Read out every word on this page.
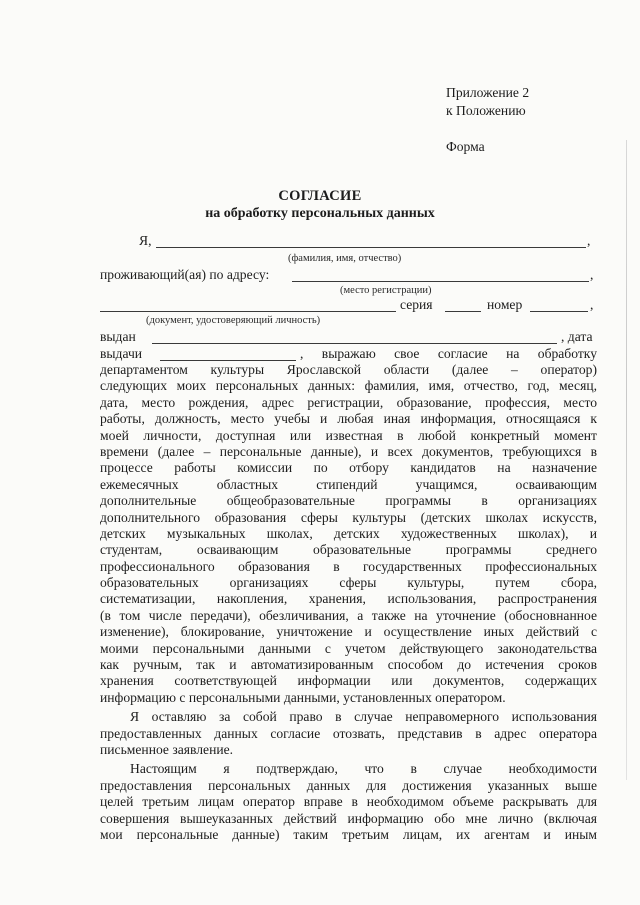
Приложение 2
к Положению
Форма
СОГЛАСИЕ
на обработку персональных данных
Я,	,
(фамилия, имя, отчество)
проживающий(ая) по адресу:	,
(место регистрации)
серия	номер	,
(документ, удостоверяющий личность)
выдан	, дата
выдачи	, выражаю свое согласие на обработку
департаментом культуры Ярославской области (далее – оператор)
следующих моих персональных данных: фамилия, имя, отчество, год, месяц,
дата, место рождения, адрес регистрации, образование, профессия, место
работы, должность, место учебы и любая иная информация, относящаяся к
моей личности, доступная или известная в любой конкретный момент
времени (далее – персональные данные), и всех документов, требующихся в
процессе работы комиссии по отбору кандидатов на назначение
ежемесячных областных стипендий учащимся, осваивающим
дополнительные общеобразовательные программы в организациях
дополнительного образования сферы культуры (детских школах искусств,
детских музыкальных школах, детских художественных школах), и
студентам, осваивающим образовательные программы среднего
профессионального образования в государственных профессиональных
образовательных организациях сферы культуры, путем сбора,
систематизации, накопления, хранения, использования, распространения
(в том числе передачи), обезличивания, а также на уточнение (обосновнанное
изменение), блокирование, уничтожение и осуществление иных действий с
моими персональными данными с учетом действующего законодательства
как ручным, так и автоматизированным способом до истечения сроков
хранения соответствующей информации или документов, содержащих
информацию с персональными данными, установленных оператором.
Я оставляю за собой право в случае неправомерного использования
предоставленных данных согласие отозвать, представив в адрес оператора
письменное заявление.
Настоящим я подтверждаю, что в случае необходимости
предоставления персональных данных для достижения указанных выше
целей третьим лицам оператор вправе в необходимом объеме раскрывать для
совершения вышеуказанных действий информацию обо мне лично (включая
мои персональные данные) таким третьим лицам, их агентам и иным
